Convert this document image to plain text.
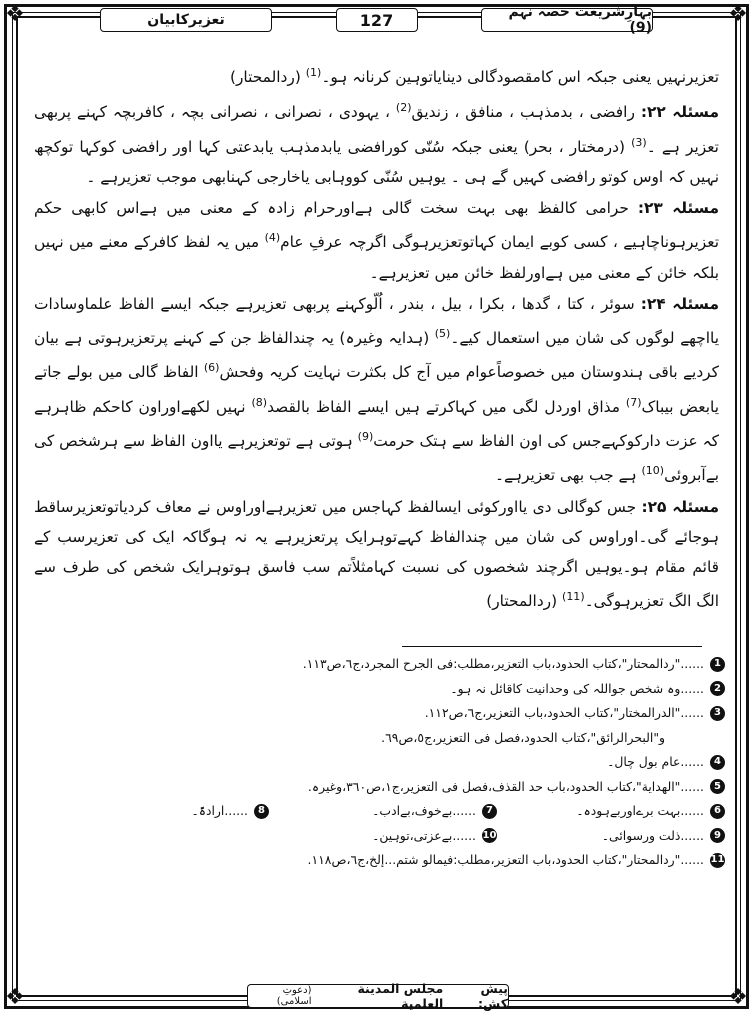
❖	❖
❖	❖
تعزیرکابیان	127	بہارِشریعت حصہ نہم (9)

تعزیرنہیں یعنی جبکہ اس کامقصودگالی دینایاتوہین کرنانہ ہو۔$^{(1)}$ (ردالمحتار)

مسئلہ ۲۲: رافضی ، بدمذہب ، منافق ، زندیق$^{(2)}$ ، یہودی ، نصرانی ، نصرانی بچہ ، کافربچہ کہنے پربھی تعزیر ہے ۔$^{(3)}$ (درمختار ، بحر) یعنی جبکہ سُنّی کورافضی یابدمذہب یابدعتی کہا اور رافضی کوکہا توکچھ نہیں کہ اوس کوتو رافضی کہیں گے ہی ۔ یوہیں سُنّی کووہابی یاخارجی کہنابھی موجب تعزیرہے ۔

مسئلہ ۲۳: حرامی کالفظ بھی بہت سخت گالی ہےاورحرام زادہ کے معنی میں ہےاس کابھی حکم تعزیرہوناچاہیے ، کسی کوبے ایمان کہاتوتعزیرہوگی اگرچہ عرفِ عام$^{(4)}$ میں یہ لفظ کافرکے معنے میں نہیں بلکہ خائن کے معنی میں ہےاورلفظ خائن میں تعزیرہے۔

مسئلہ ۲۴: سوئر ، کتا ، گدھا ، بکرا ، بیل ، بندر ، اُلّوکہنے پربھی تعزیرہے جبکہ ایسے الفاظ علماوسادات یااچھے لوگوں کی شان میں استعمال کیے۔$^{(5)}$ (ہدایہ وغیرہ) یہ چندالفاظ جن کے کہنے پرتعزیرہوتی ہے بیان کردیے باقی ہندوستان میں خصوصاًعوام میں آج کل بکثرت نہایت کریہ وفحش$^{(6)}$ الفاظ گالی میں بولے جاتے یابعض بیباک$^{(7)}$ مذاق اوردل لگی میں کہاکرتے ہیں ایسے الفاظ بالقصد$^{(8)}$ نہیں لکھےاوراون کاحکم ظاہرہے کہ عزت دارکوکہےجس کی اون الفاظ سے ہتک حرمت$^{(9)}$ ہوتی ہے توتعزیرہے یااون الفاظ سے ہرشخص کی بےآبروئی$^{(10)}$ ہے جب بھی تعزیرہے۔

مسئلہ ۲۵: جس کوگالی دی یااورکوئی ایسالفظ کہاجس میں تعزیرہےاوراوس نے معاف کردیاتوتعزیرساقط ہوجائے گی۔اوراوس کی شان میں چندالفاظ کہےتوہرایک پرتعزیرہے یہ نہ ہوگاکہ ایک کی تعزیرسب کے قائم مقام ہو۔یوہیں اگرچند شخصوں کی نسبت کہامثلاًتم سب فاسق ہوتوہرایک شخص کی طرف سے الگ الگ تعزیرہوگی۔$^{(11)}$ (ردالمحتار)

1
......"ردالمحتار"،كتاب الحدود،باب التعزير،مطلب:فی الجرح المجرد،ج٦،ص١١٣.
2
......وہ شخص جواللہ کی وحدانیت کاقائل نہ ہو۔
3
......"الدرالمختار"،كتاب الحدود،باب التعزير،ج٦،ص١١٢.
و"البحرالرائق"،كتاب الحدود،فصل فی التعزير،ج٥،ص٦٩.
4
......عام بول چال۔
5
......"الهداية"،كتاب الحدود،باب حد القذف،فصل فی التعزير،ج١،ص٣٦٠،وغیرہ.
6
......بہت برےاوربےہودہ۔
7
......بےخوف،بےادب۔
8
......ارادۃً۔
9
......ذلت ورسوائی۔
10
......بےعزتی،توہین۔
11
......"ردالمحتار"،كتاب الحدود،باب التعزير،مطلب:فيمالو شتم...إلخ،ج٦،ص١١٨.
پیش کش:
مجلس المدينة العلمية
(دعوتِ اسلامی)
